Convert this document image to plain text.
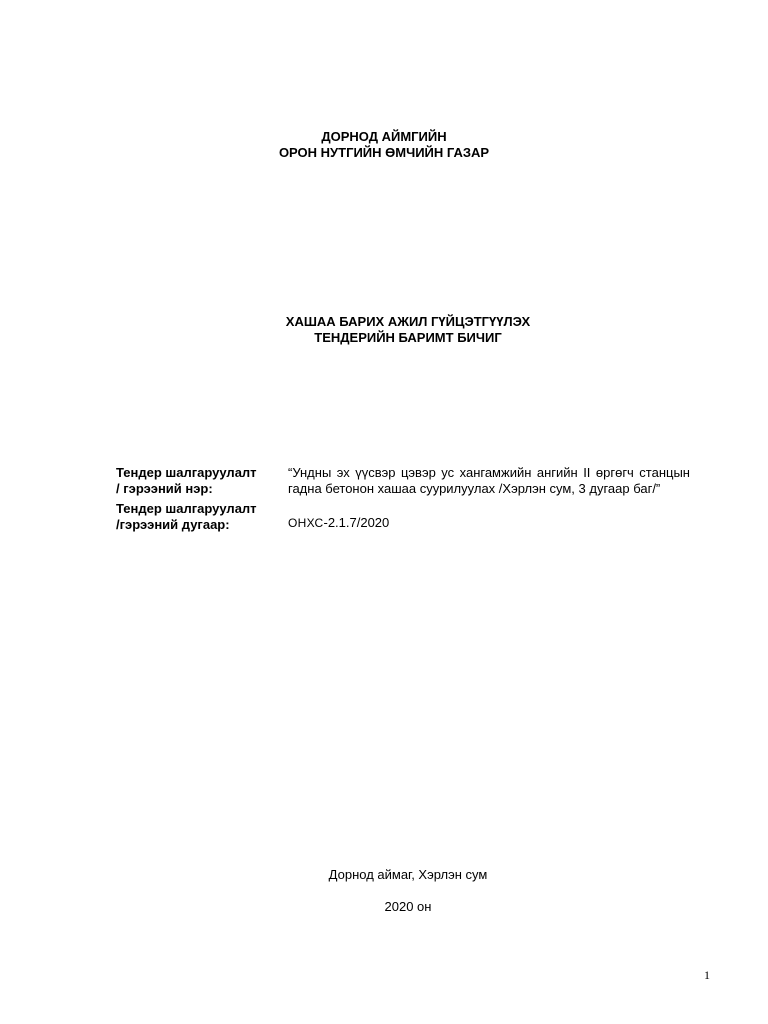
ДОРНОД АЙМГИЙН
ОРОН НУТГИЙН ӨМЧИЙН ГАЗАР
ХАШАА БАРИХ АЖИЛ ГҮЙЦЭТГҮҮЛЭХ
ТЕНДЕРИЙН БАРИМТ БИЧИГ
Тендер шалгаруулалт
/ гэрээний нэр:
“Ундны эх үүсвэр цэвэр ус хангамжийн ангийн II өргөгч станцын гадна бетонон хашаа суурилуулах /Хэрлэн сум, 3 дугаар баг/”
Тендер шалгаруулалт
/гэрээний дугаар:	ОНХС-2.1.7/2020
Дорнод аймаг, Хэрлэн сум
2020 он
1
